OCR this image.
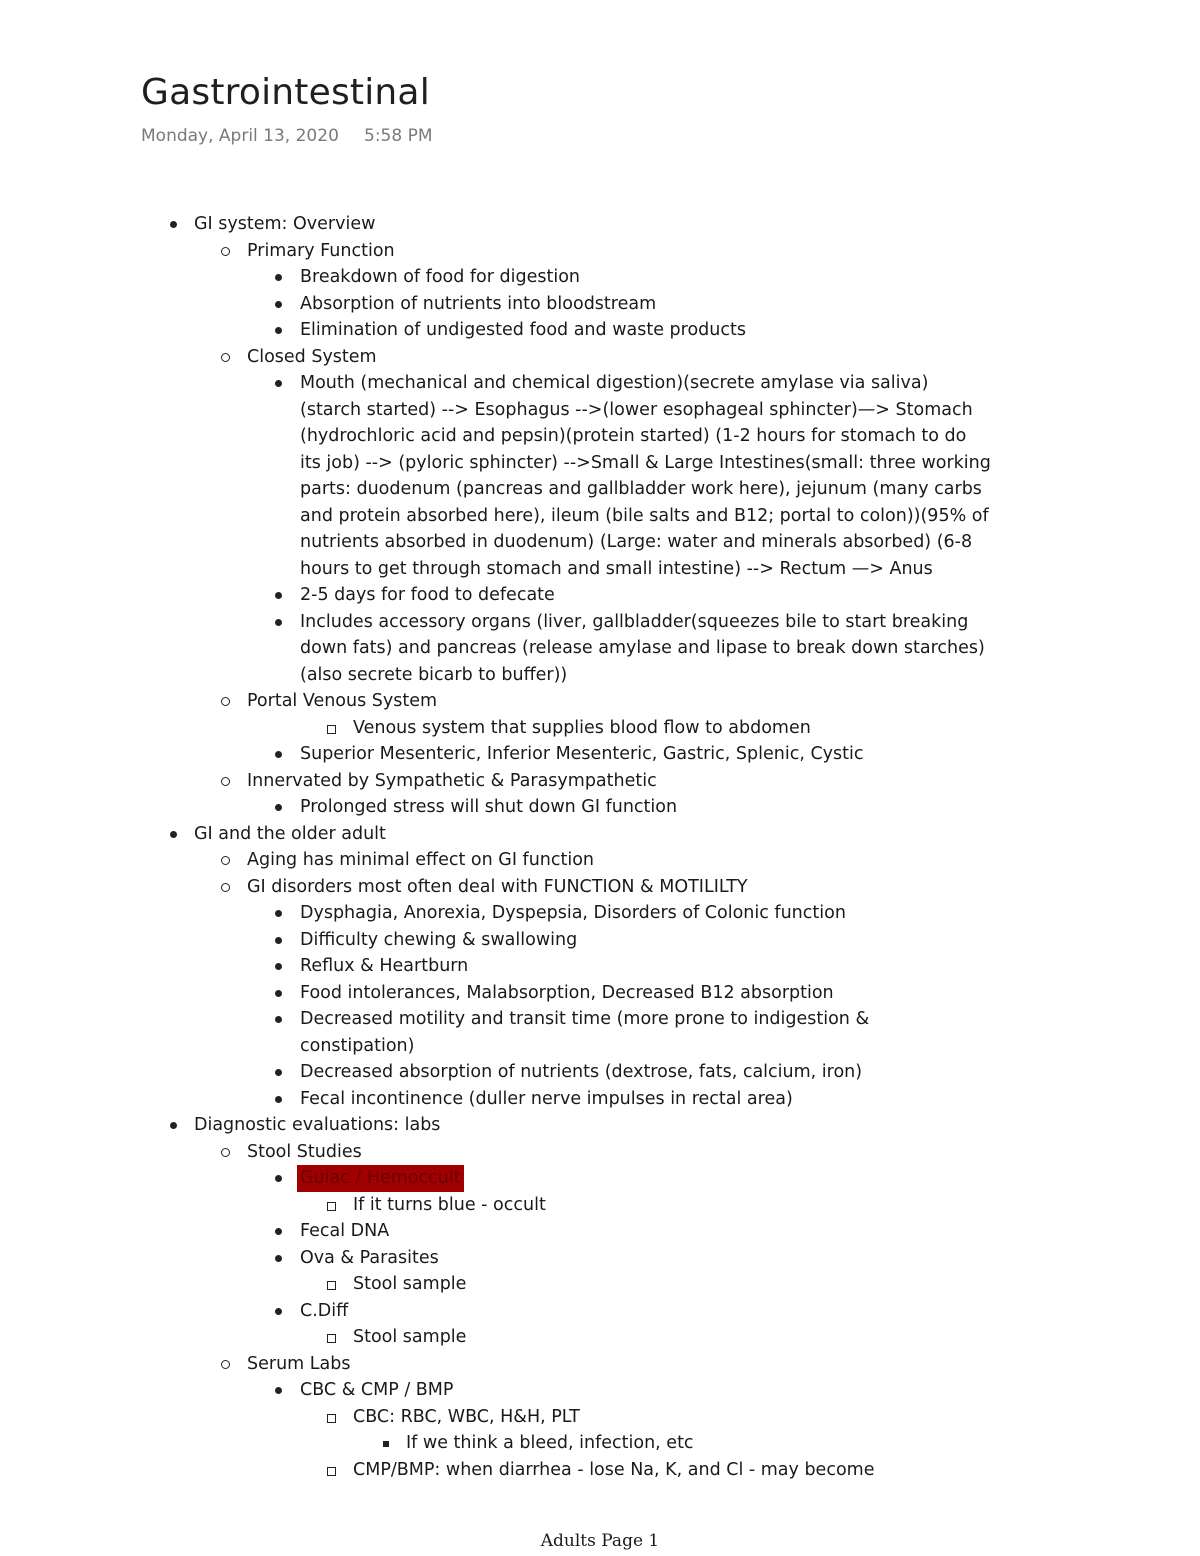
Gastrointestinal
Monday, April 13, 2020 5:58 PM
GI system: Overview
Primary Function
Breakdown of food for digestion
Absorption of nutrients into bloodstream
Elimination of undigested food and waste products
Closed System
Mouth (mechanical and chemical digestion)(secrete amylase via saliva)
(starch started) --> Esophagus -->(lower esophageal sphincter)—> Stomach
(hydrochloric acid and pepsin)(protein started) (1-2 hours for stomach to do
its job) --> (pyloric sphincter) -->Small & Large Intestines(small: three working
parts: duodenum (pancreas and gallbladder work here), jejunum (many carbs
and protein absorbed here), ileum (bile salts and B12; portal to colon))(95% of
nutrients absorbed in duodenum) (Large: water and minerals absorbed) (6-8
hours to get through stomach and small intestine) --> Rectum —> Anus
2-5 days for food to defecate
Includes accessory organs (liver, gallbladder(squeezes bile to start breaking
down fats) and pancreas (release amylase and lipase to break down starches)
(also secrete bicarb to buffer))
Portal Venous System
Venous system that supplies blood flow to abdomen
Superior Mesenteric, Inferior Mesenteric, Gastric, Splenic, Cystic
Innervated by Sympathetic & Parasympathetic
Prolonged stress will shut down GI function
GI and the older adult
Aging has minimal effect on GI function
GI disorders most often deal with FUNCTION & MOTILILTY
Dysphagia, Anorexia, Dyspepsia, Disorders of Colonic function
Difficulty chewing & swallowing
Reflux & Heartburn
Food intolerances, Malabsorption, Decreased B12 absorption
Decreased motility and transit time (more prone to indigestion &
constipation)
Decreased absorption of nutrients (dextrose, fats, calcium, iron)
Fecal incontinence (duller nerve impulses in rectal area)
Diagnostic evaluations: labs
Stool Studies
Guiac / Hemoccult
If it turns blue - occult
Fecal DNA
Ova & Parasites
Stool sample
C.Diff
Stool sample
Serum Labs
CBC & CMP / BMP
CBC: RBC, WBC, H&H, PLT
If we think a bleed, infection, etc
CMP/BMP: when diarrhea - lose Na, K, and Cl - may become
Adults Page 1
